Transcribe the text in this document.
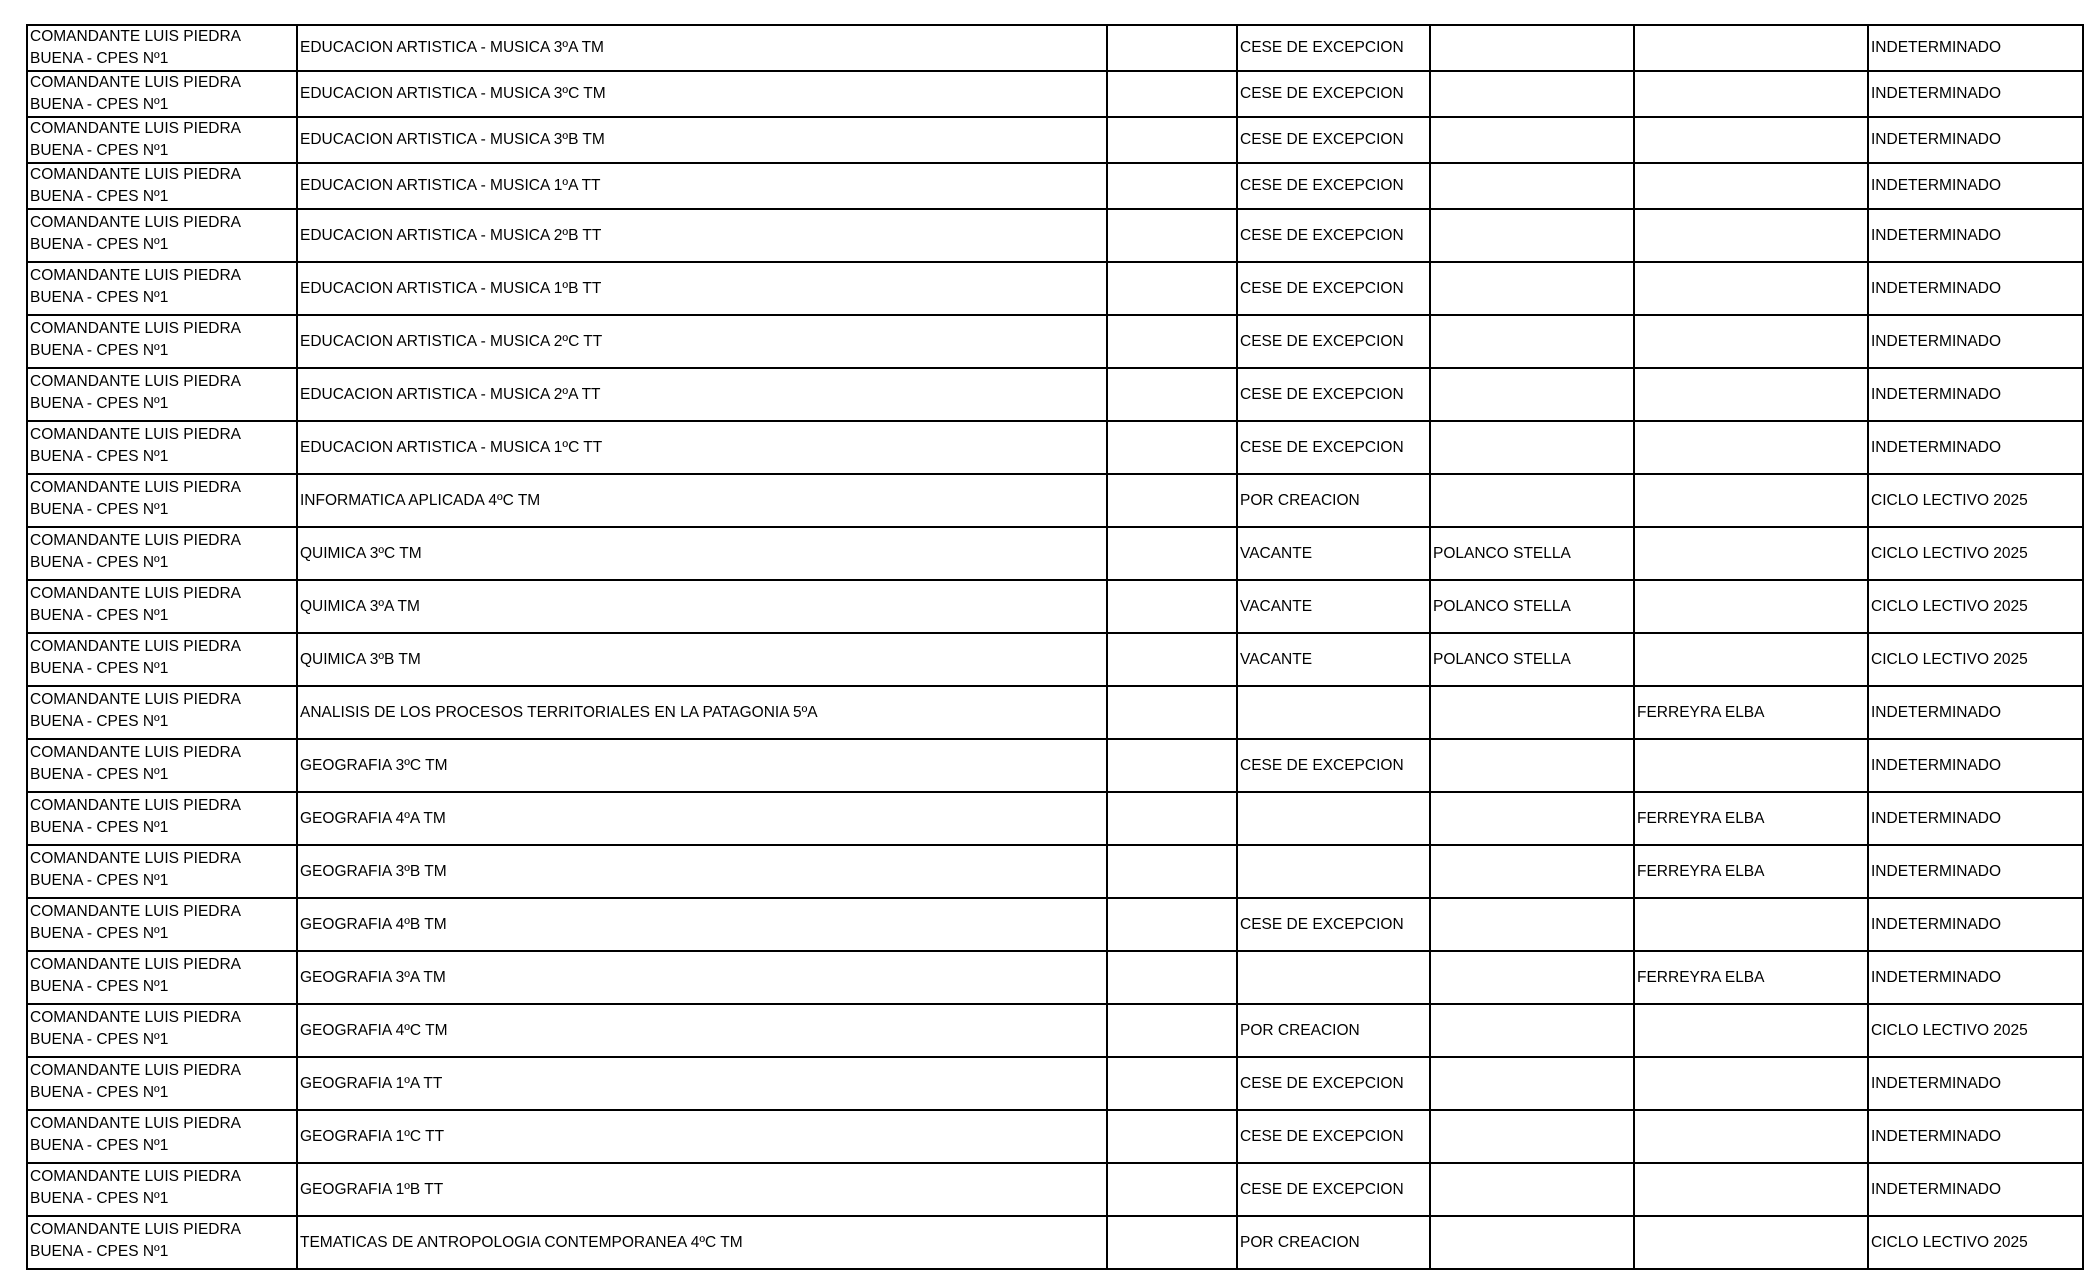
COMANDANTE LUIS PIEDRA BUENA - CPES Nº1	EDUCACION ARTISTICA - MUSICA 3ºA TM		CESE DE EXCEPCION			INDETERMINADO

COMANDANTE LUIS PIEDRA BUENA - CPES Nº1	EDUCACION ARTISTICA - MUSICA 3ºC TM		CESE DE EXCEPCION			INDETERMINADO

COMANDANTE LUIS PIEDRA BUENA - CPES Nº1	EDUCACION ARTISTICA - MUSICA 3ºB TM		CESE DE EXCEPCION			INDETERMINADO

COMANDANTE LUIS PIEDRA BUENA - CPES Nº1	EDUCACION ARTISTICA - MUSICA 1ºA TT		CESE DE EXCEPCION			INDETERMINADO

COMANDANTE LUIS PIEDRA BUENA - CPES Nº1	EDUCACION ARTISTICA - MUSICA 2ºB TT		CESE DE EXCEPCION			INDETERMINADO

COMANDANTE LUIS PIEDRA BUENA - CPES Nº1	EDUCACION ARTISTICA - MUSICA 1ºB TT		CESE DE EXCEPCION			INDETERMINADO

COMANDANTE LUIS PIEDRA BUENA - CPES Nº1	EDUCACION ARTISTICA - MUSICA 2ºC TT		CESE DE EXCEPCION			INDETERMINADO

COMANDANTE LUIS PIEDRA BUENA - CPES Nº1	EDUCACION ARTISTICA - MUSICA 2ºA TT		CESE DE EXCEPCION			INDETERMINADO

COMANDANTE LUIS PIEDRA BUENA - CPES Nº1	EDUCACION ARTISTICA - MUSICA 1ºC TT		CESE DE EXCEPCION			INDETERMINADO

COMANDANTE LUIS PIEDRA BUENA - CPES Nº1	INFORMATICA APLICADA 4ºC TM		POR CREACION			CICLO LECTIVO 2025

COMANDANTE LUIS PIEDRA BUENA - CPES Nº1	QUIMICA 3ºC TM		VACANTE	POLANCO STELLA		CICLO LECTIVO 2025

COMANDANTE LUIS PIEDRA BUENA - CPES Nº1	QUIMICA 3ºA TM		VACANTE	POLANCO STELLA		CICLO LECTIVO 2025

COMANDANTE LUIS PIEDRA BUENA - CPES Nº1	QUIMICA 3ºB TM		VACANTE	POLANCO STELLA		CICLO LECTIVO 2025

COMANDANTE LUIS PIEDRA BUENA - CPES Nº1	ANALISIS DE LOS PROCESOS TERRITORIALES EN LA PATAGONIA 5ºA				FERREYRA ELBA	INDETERMINADO

COMANDANTE LUIS PIEDRA BUENA - CPES Nº1	GEOGRAFIA 3ºC TM		CESE DE EXCEPCION			INDETERMINADO

COMANDANTE LUIS PIEDRA BUENA - CPES Nº1	GEOGRAFIA 4ºA TM				FERREYRA ELBA	INDETERMINADO

COMANDANTE LUIS PIEDRA BUENA - CPES Nº1	GEOGRAFIA 3ºB TM				FERREYRA ELBA	INDETERMINADO

COMANDANTE LUIS PIEDRA BUENA - CPES Nº1	GEOGRAFIA 4ºB TM		CESE DE EXCEPCION			INDETERMINADO

COMANDANTE LUIS PIEDRA BUENA - CPES Nº1	GEOGRAFIA 3ºA TM				FERREYRA ELBA	INDETERMINADO

COMANDANTE LUIS PIEDRA BUENA - CPES Nº1	GEOGRAFIA 4ºC TM		POR CREACION			CICLO LECTIVO 2025

COMANDANTE LUIS PIEDRA BUENA - CPES Nº1	GEOGRAFIA 1ºA TT		CESE DE EXCEPCION			INDETERMINADO

COMANDANTE LUIS PIEDRA BUENA - CPES Nº1	GEOGRAFIA 1ºC TT		CESE DE EXCEPCION			INDETERMINADO

COMANDANTE LUIS PIEDRA BUENA - CPES Nº1	GEOGRAFIA 1ºB TT		CESE DE EXCEPCION			INDETERMINADO

COMANDANTE LUIS PIEDRA BUENA - CPES Nº1	TEMATICAS DE ANTROPOLOGIA CONTEMPORANEA 4ºC TM		POR CREACION			CICLO LECTIVO 2025
